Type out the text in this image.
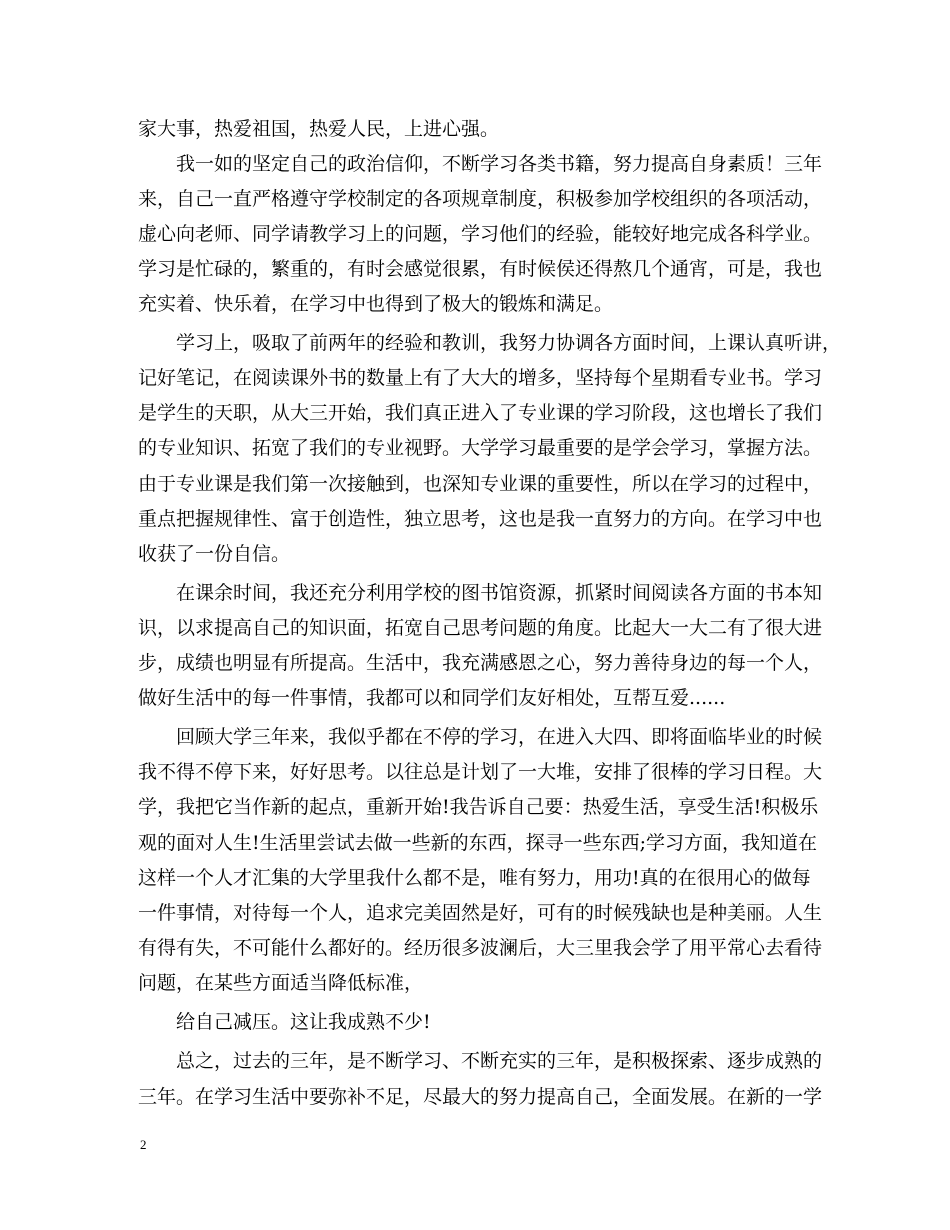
家大事，热爱祖国，热爱人民，上进心强。
我一如的坚定自己的政治信仰，不断学习各类书籍，努力提高自身素质！三年
来，自己一直严格遵守学校制定的各项规章制度，积极参加学校组织的各项活动，
虚心向老师、同学请教学习上的问题，学习他们的经验，能较好地完成各科学业。
学习是忙碌的，繁重的，有时会感觉很累，有时候侯还得熬几个通宵，可是，我也
充实着、快乐着，在学习中也得到了极大的锻炼和满足。
学习上，吸取了前两年的经验和教训，我努力协调各方面时间，上课认真听讲，
记好笔记，在阅读课外书的数量上有了大大的增多，坚持每个星期看专业书。学习
是学生的天职，从大三开始，我们真正进入了专业课的学习阶段，这也增长了我们
的专业知识、拓宽了我们的专业视野。大学学习最重要的是学会学习，掌握方法。
由于专业课是我们第一次接触到，也深知专业课的重要性，所以在学习的过程中，
重点把握规律性、富于创造性，独立思考，这也是我一直努力的方向。在学习中也
收获了一份自信。
在课余时间，我还充分利用学校的图书馆资源，抓紧时间阅读各方面的书本知
识，以求提高自己的知识面，拓宽自己思考问题的角度。比起大一大二有了很大进
步，成绩也明显有所提高。生活中，我充满感恩之心，努力善待身边的每一个人，
做好生活中的每一件事情，我都可以和同学们友好相处，互帮互爱......
回顾大学三年来，我似乎都在不停的学习，在进入大四、即将面临毕业的时候
我不得不停下来，好好思考。以往总是计划了一大堆，安排了很棒的学习日程。大
学，我把它当作新的起点，重新开始!我告诉自己要：热爱生活，享受生活!积极乐
观的面对人生!生活里尝试去做一些新的东西，探寻一些东西;学习方面，我知道在
这样一个人才汇集的大学里我什么都不是，唯有努力，用功!真的在很用心的做每
一件事情，对待每一个人，追求完美固然是好，可有的时候残缺也是种美丽。人生
有得有失，不可能什么都好的。经历很多波澜后，大三里我会学了用平常心去看待
问题，在某些方面适当降低标准，
给自己减压。这让我成熟不少!
总之，过去的三年，是不断学习、不断充实的三年，是积极探索、逐步成熟的
三年。在学习生活中要弥补不足，尽最大的努力提高自己，全面发展。在新的一学
2
